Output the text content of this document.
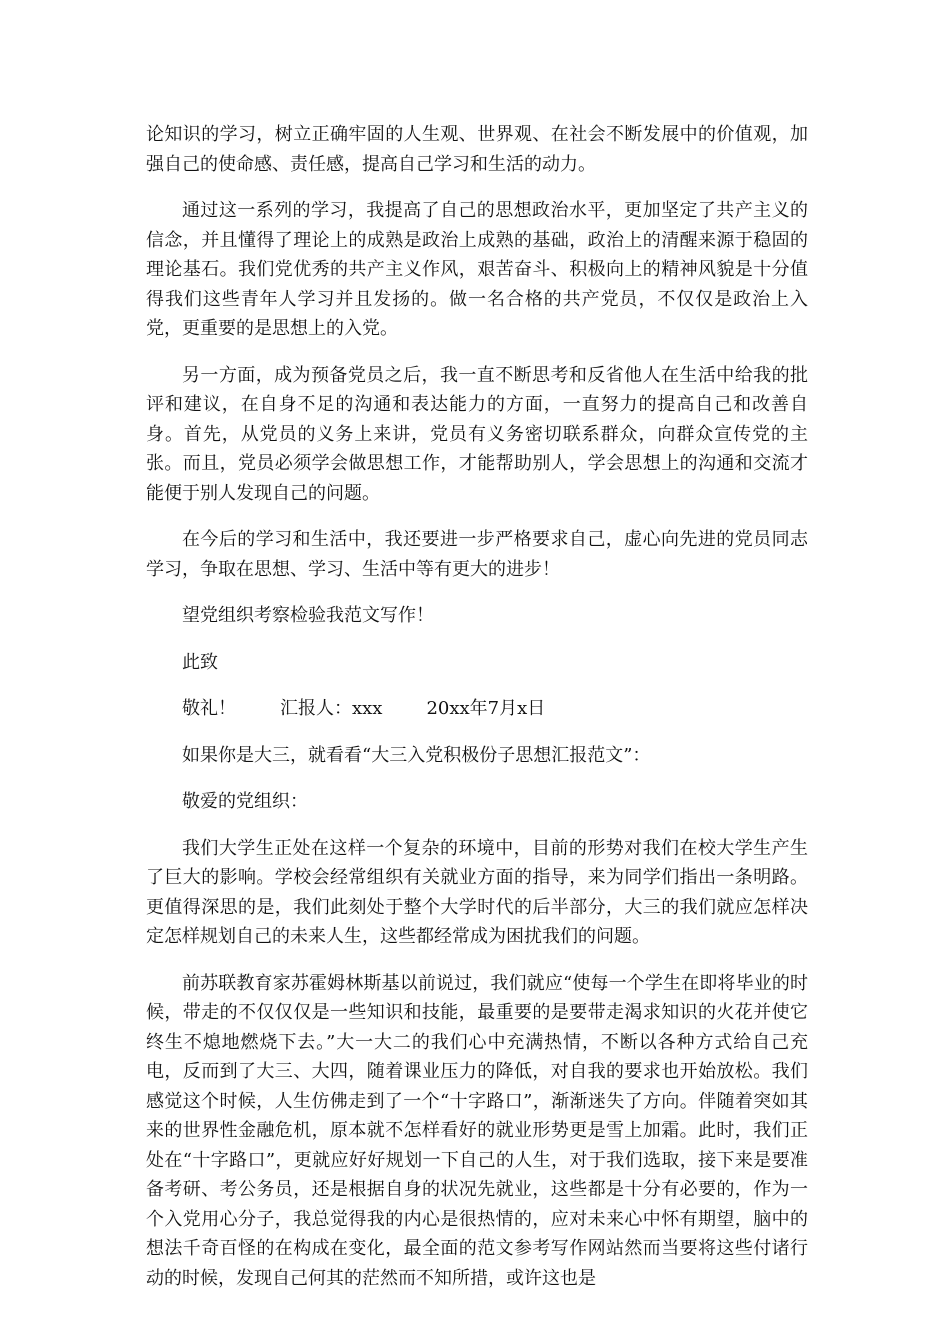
论知识的学习，树立正确牢固的人生观、世界观、在社会不断发展中的价值观，加强自己的使命感、责任感，提高自己学习和生活的动力。

通过这一系列的学习，我提高了自己的思想政治水平，更加坚定了共产主义的信念，并且懂得了理论上的成熟是政治上成熟的基础，政治上的清醒来源于稳固的理论基石。我们党优秀的共产主义作风，艰苦奋斗、积极向上的精神风貌是十分值得我们这些青年人学习并且发扬的。做一名合格的共产党员，不仅仅是政治上入党，更重要的是思想上的入党。

另一方面，成为预备党员之后，我一直不断思考和反省他人在生活中给我的批评和建议，在自身不足的沟通和表达能力的方面，一直努力的提高自己和改善自身。首先，从党员的义务上来讲，党员有义务密切联系群众，向群众宣传党的主张。而且，党员必须学会做思想工作，才能帮助别人，学会思想上的沟通和交流才能便于别人发现自己的问题。

在今后的学习和生活中，我还要进一步严格要求自己，虚心向先进的党员同志学习，争取在思想、学习、生活中等有更大的进步！

望党组织考察检验我范文写作！
此致
敬礼！ 汇报人：xxx 20xx年7月x日
如果你是大三，就看看“大三入党积极份子思想汇报范文”：
敬爱的党组织：

我们大学生正处在这样一个复杂的环境中，目前的形势对我们在校大学生产生了巨大的影响。学校会经常组织有关就业方面的指导，来为同学们指出一条明路。更值得深思的是，我们此刻处于整个大学时代的后半部分，大三的我们就应怎样决定怎样规划自己的未来人生，这些都经常成为困扰我们的问题。

前苏联教育家苏霍姆林斯基以前说过，我们就应“使每一个学生在即将毕业的时候，带走的不仅仅仅是一些知识和技能，最重要的是要带走渴求知识的火花并使它终生不熄地燃烧下去。”大一大二的我们心中充满热情，不断以各种方式给自己充电，反而到了大三、大四，随着课业压力的降低，对自我的要求也开始放松。我们感觉这个时候，人生仿佛走到了一个“十字路口”，渐渐迷失了方向。伴随着突如其来的世界性金融危机，原本就不怎样看好的就业形势更是雪上加霜。此时，我们正处在“十字路口”，更就应好好规划一下自己的人生，对于我们选取，接下来是要准备考研、考公务员，还是根据自身的状况先就业，这些都是十分有必要的，作为一个入党用心分子，我总觉得我的内心是很热情的，应对未来心中怀有期望，脑中的想法千奇百怪的在构成在变化，最全面的范文参考写作网站然而当要将这些付诸行动的时候，发现自己何其的茫然而不知所措，或许这也是
